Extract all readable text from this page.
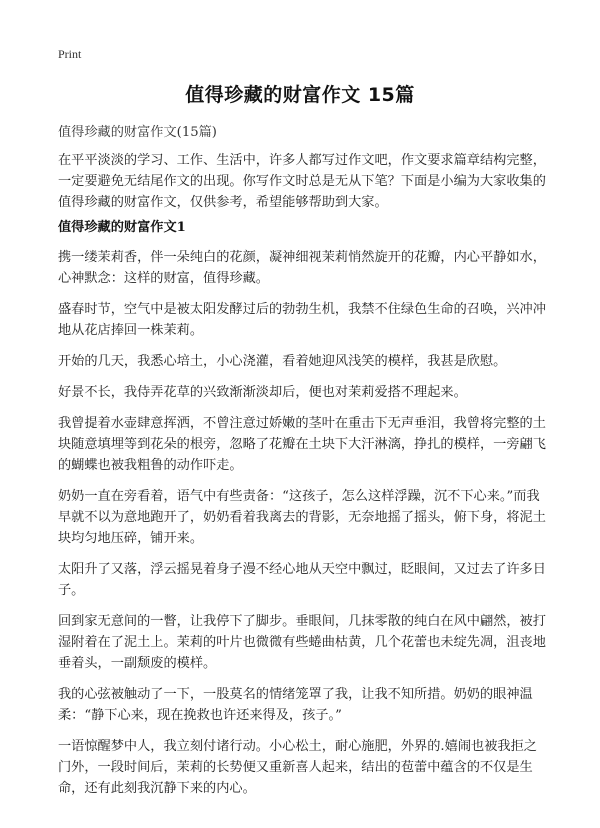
Print
值得珍藏的财富作文 15篇

值得珍藏的财富作文(15篇)

在平平淡淡的学习、工作、生活中，许多人都写过作文吧，作文要求篇章结构完整，一定要避免无结尾作文的出现。你写作文时总是无从下笔？下面是小编为大家收集的值得珍藏的财富作文，仅供参考，希望能够帮助到大家。

值得珍藏的财富作文1

携一缕茉莉香，伴一朵纯白的花颜，凝神细视茉莉悄然旋开的花瓣，内心平静如水，心神默念：这样的财富，值得珍藏。

盛春时节，空气中是被太阳发酵过后的勃勃生机，我禁不住绿色生命的召唤，兴冲冲地从花店捧回一株茉莉。

开始的几天，我悉心培土，小心浇灌，看着她迎风浅笑的模样，我甚是欣慰。

好景不长，我侍弄花草的兴致渐渐淡却后，便也对茉莉爱搭不理起来。

我曾提着水壶肆意挥洒，不曾注意过娇嫩的茎叶在重击下无声垂泪，我曾将完整的土块随意填埋等到花朵的根旁，忽略了花瓣在土块下大汗淋漓，挣扎的模样，一旁翩飞的蝴蝶也被我粗鲁的动作吓走。

奶奶一直在旁看着，语气中有些责备：“这孩子，怎么这样浮躁，沉不下心来。”而我早就不以为意地跑开了，奶奶看着我离去的背影，无奈地摇了摇头，俯下身，将泥土块均匀地压碎，铺开来。

太阳升了又落，浮云摇晃着身子漫不经心地从天空中飘过，眨眼间，又过去了许多日子。

回到家无意间的一瞥，让我停下了脚步。垂眼间，几抹零散的纯白在风中翩然，被打湿附着在了泥土上。茉莉的叶片也微微有些蜷曲枯黄，几个花蕾也未绽先凋，沮丧地垂着头，一副颓废的模样。

我的心弦被触动了一下，一股莫名的情绪笼罩了我，让我不知所措。奶奶的眼神温柔：“静下心来，现在挽救也许还来得及，孩子。”

一语惊醒梦中人，我立刻付诸行动。小心松土，耐心施肥，外界的.嬉闹也被我拒之门外，一段时间后，茉莉的长势便又重新喜人起来，结出的苞蕾中蕴含的不仅是生命，还有此刻我沉静下来的内心。
